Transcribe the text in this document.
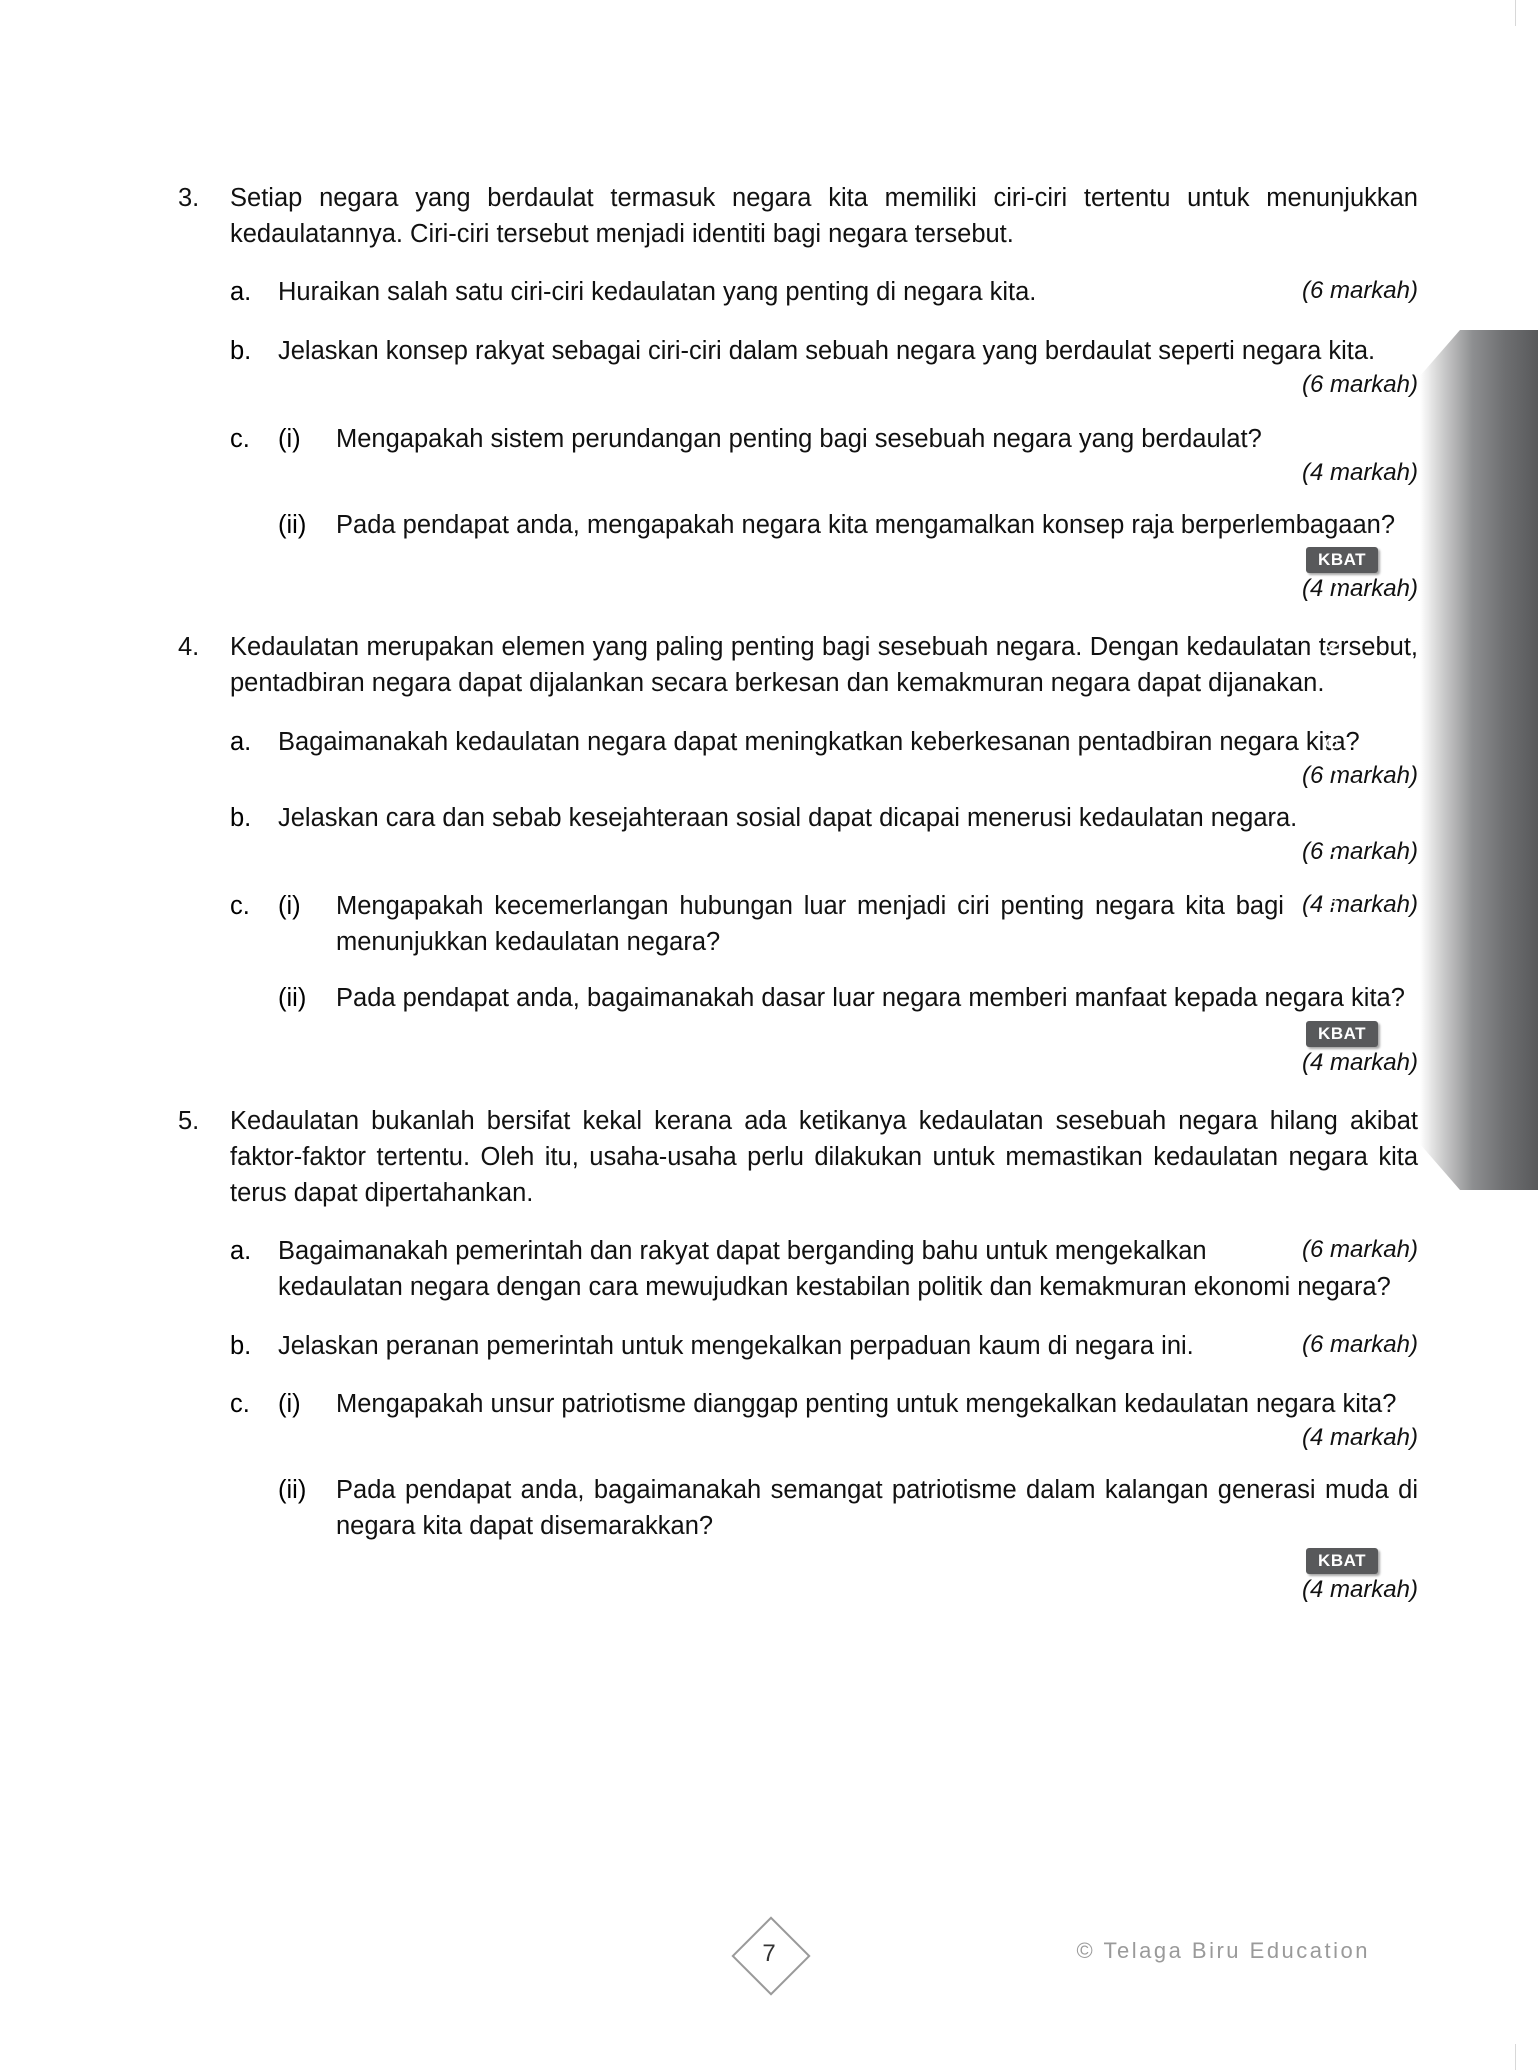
3.	Setiap negara yang berdaulat termasuk negara kita memiliki ciri-ciri tertentu untuk menunjukkan kedaulatannya. Ciri-ciri tersebut menjadi identiti bagi negara tersebut.
a.	(6 markah)
Huraikan salah satu ciri-ciri kedaulatan yang penting di negara kita.
b.	Jelaskan konsep rakyat sebagai ciri-ciri dalam sebuah negara yang berdaulat seperti negara kita.
(6 markah)
c.	(i)	Mengapakah sistem perundangan penting bagi sesebuah negara yang berdaulat?
(4 markah)
(ii)	Pada pendapat anda, mengapakah negara kita mengamalkan konsep raja berperlembagaan?
KBAT
(4 markah)
4.	Kedaulatan merupakan elemen yang paling penting bagi sesebuah negara. Dengan kedaulatan tersebut, pentadbiran negara dapat dijalankan secara berkesan dan kemakmuran negara dapat dijanakan.
a.	Bagaimanakah kedaulatan negara dapat meningkatkan keberkesanan pentadbiran negara kita?
(6 markah)
b.	Jelaskan cara dan sebab kesejahteraan sosial dapat dicapai menerusi kedaulatan negara.
(6 markah)
c.	(i)	(4 markah)
Mengapakah kecemerlangan hubungan luar menjadi ciri penting negara kita bagi menunjukkan kedaulatan negara?
(ii)	Pada pendapat anda, bagaimanakah dasar luar negara memberi manfaat kepada negara kita?
KBAT
(4 markah)
5.	Kedaulatan bukanlah bersifat kekal kerana ada ketikanya kedaulatan sesebuah negara hilang akibat faktor-faktor tertentu. Oleh itu, usaha-usaha perlu dilakukan untuk memastikan kedaulatan negara kita terus dapat dipertahankan.
a.	(6 markah)
Bagaimanakah pemerintah dan rakyat dapat berganding bahu untuk mengekalkan kedaulatan negara dengan cara mewujudkan kestabilan politik dan kemakmuran ekonomi negara?
b.	(6 markah)
Jelaskan peranan pemerintah untuk mengekalkan perpaduan kaum di negara ini.
c.	(i)	Mengapakah unsur patriotisme dianggap penting untuk mengekalkan kedaulatan negara kita?
(4 markah)
(ii)	Pada pendapat anda, bagaimanakah semangat patriotisme dalam kalangan generasi muda di negara kita dapat disemarakkan?
KBAT
(4 markah)
Latihan Topikal Sejarah Tingkatan 5
7	© Telaga Biru Education
